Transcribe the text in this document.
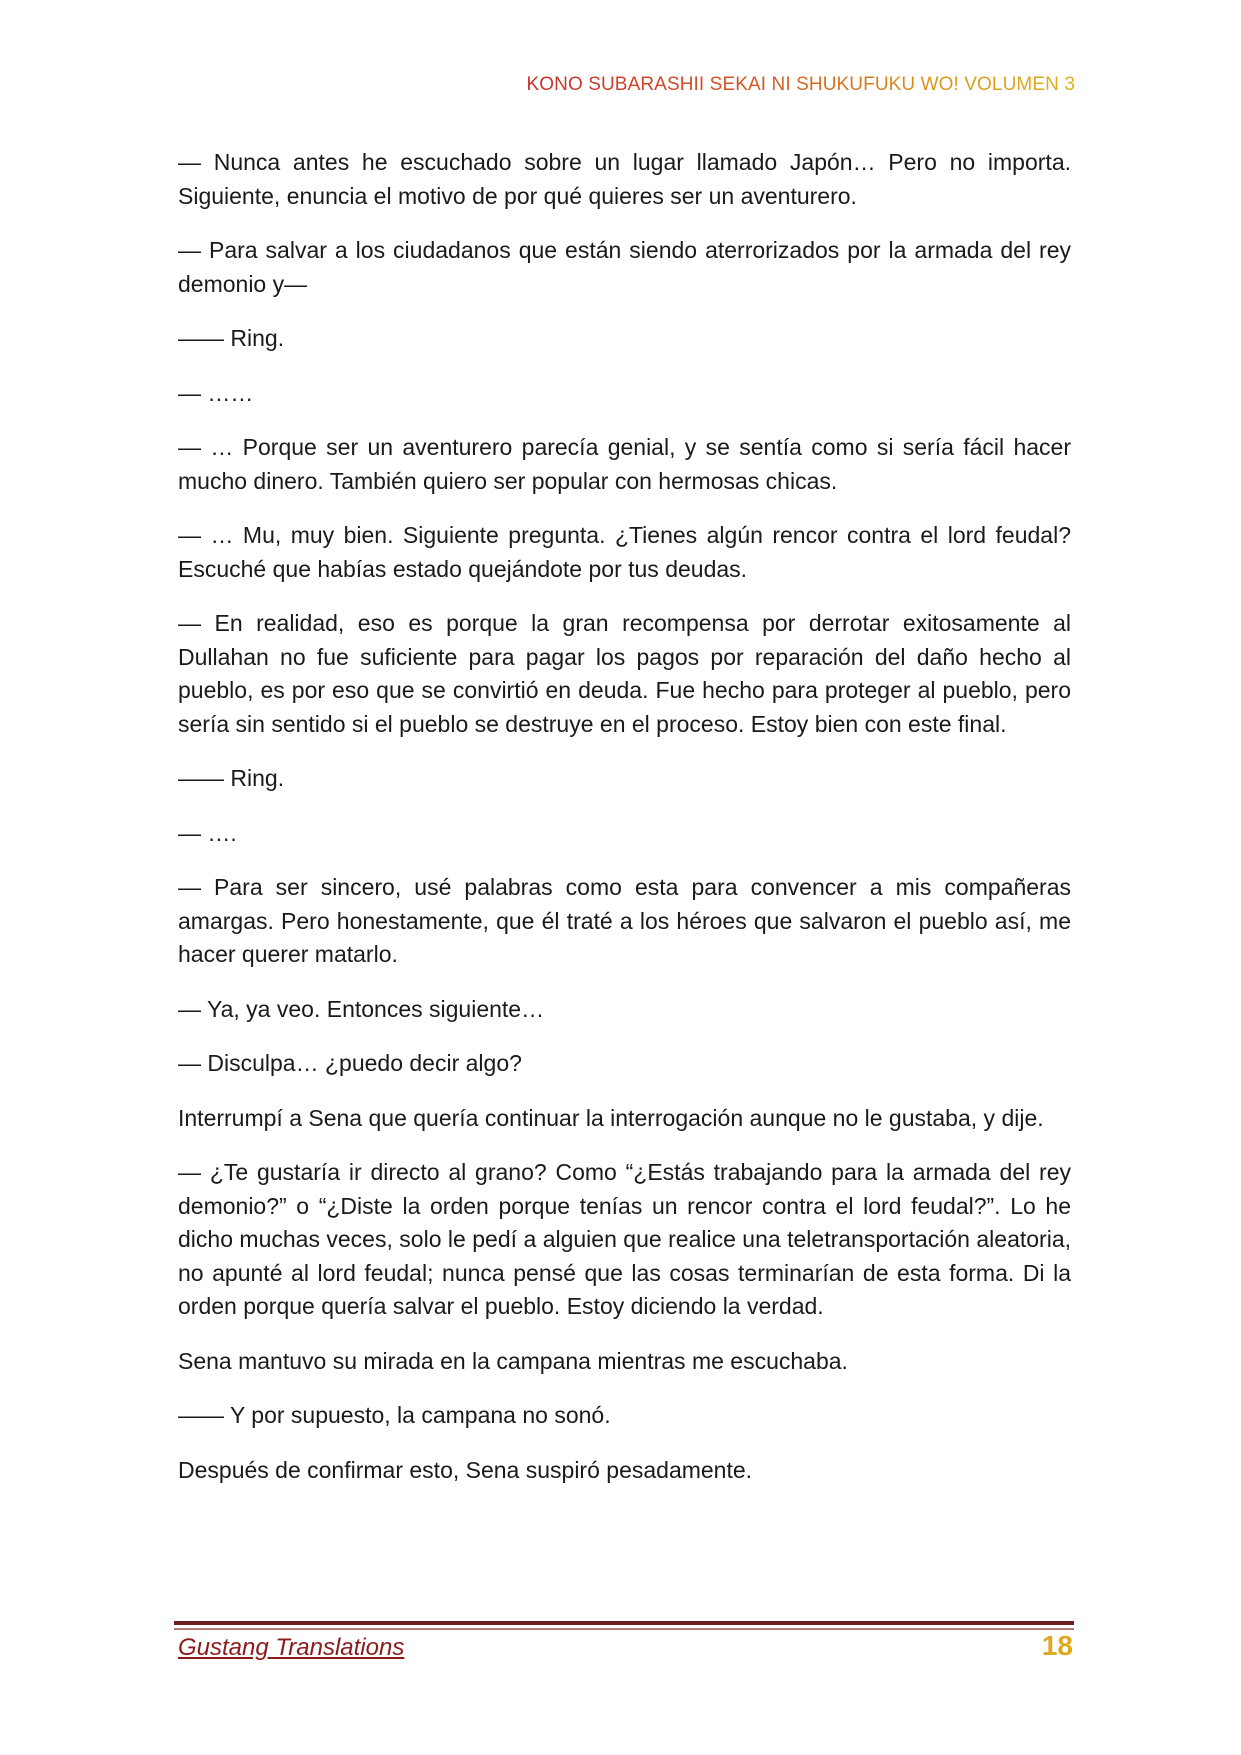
KONO SUBARASHII SEKAI NI SHUKUFUKU WO! VOLUMEN 3

— Nunca antes he escuchado sobre un lugar llamado Japón… Pero no importa. Siguiente, enuncia el motivo de por qué quieres ser un aventurero.

— Para salvar a los ciudadanos que están siendo aterrorizados por la armada del rey demonio y—

—— Ring.

— ……

— … Porque ser un aventurero parecía genial, y se sentía como si sería fácil hacer mucho dinero. También quiero ser popular con hermosas chicas.

— … Mu, muy bien. Siguiente pregunta. ¿Tienes algún rencor contra el lord feudal? Escuché que habías estado quejándote por tus deudas.

— En realidad, eso es porque la gran recompensa por derrotar exitosamente al Dullahan no fue suficiente para pagar los pagos por reparación del daño hecho al pueblo, es por eso que se convirtió en deuda. Fue hecho para proteger al pueblo, pero sería sin sentido si el pueblo se destruye en el proceso. Estoy bien con este final.

—— Ring.

— ….

— Para ser sincero, usé palabras como esta para convencer a mis compañeras amargas. Pero honestamente, que él traté a los héroes que salvaron el pueblo así, me hacer querer matarlo.

— Ya, ya veo. Entonces siguiente…

— Disculpa… ¿puedo decir algo?

Interrumpí a Sena que quería continuar la interrogación aunque no le gustaba, y dije.

— ¿Te gustaría ir directo al grano? Como “¿Estás trabajando para la armada del rey demonio?” o “¿Diste la orden porque tenías un rencor contra el lord feudal?”. Lo he dicho muchas veces, solo le pedí a alguien que realice una teletransportación aleatoria, no apunté al lord feudal; nunca pensé que las cosas terminarían de esta forma. Di la orden porque quería salvar el pueblo. Estoy diciendo la verdad.

Sena mantuvo su mirada en la campana mientras me escuchaba.

—— Y por supuesto, la campana no sonó.

Después de confirmar esto, Sena suspiró pesadamente.

Gustang Translations	18
